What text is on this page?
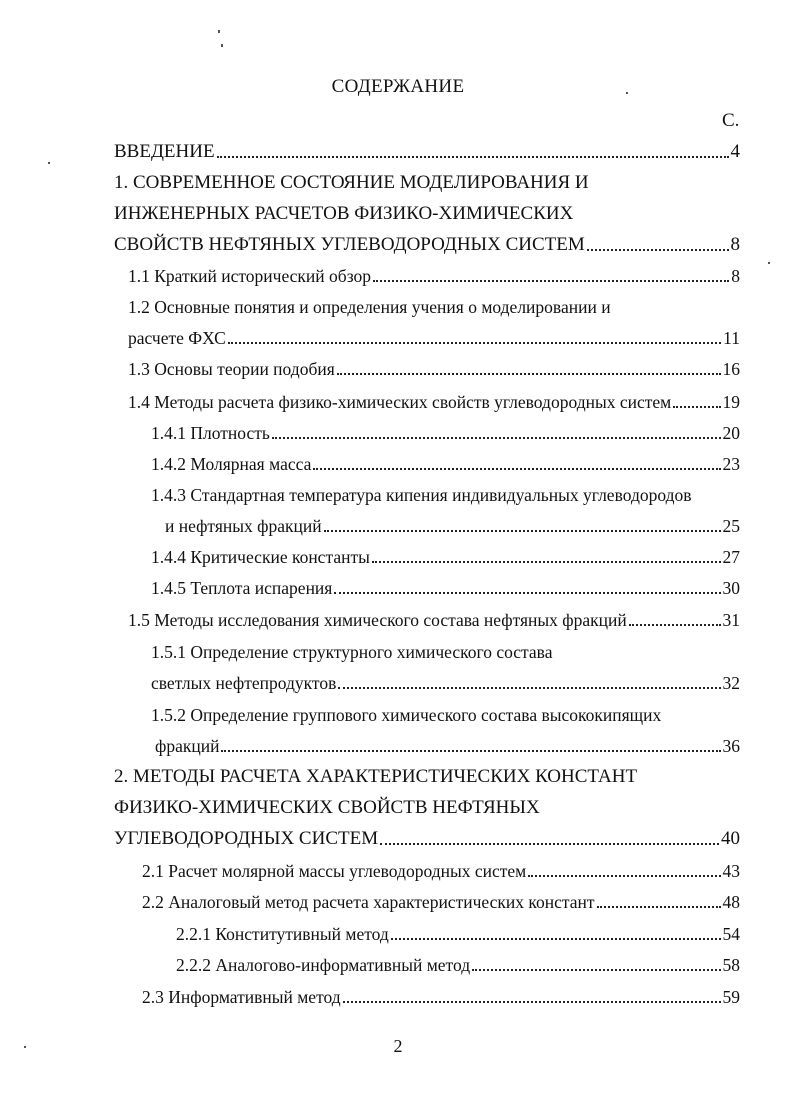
СОДЕРЖАНИЕ
С.
ВВЕДЕНИЕ	4
1. СОВРЕМЕННОЕ СОСТОЯНИЕ МОДЕЛИРОВАНИЯ И
ИНЖЕНЕРНЫХ РАСЧЕТОВ ФИЗИКО-ХИМИЧЕСКИХ
СВОЙСТВ НЕФТЯНЫХ УГЛЕВОДОРОДНЫХ СИСТЕМ	8
1.1 Краткий исторический обзор	8
1.2 Основные понятия и определения учения о моделировании и
расчете ФХС	11
1.3 Основы теории подобия	16
1.4 Методы расчета физико-химических свойств углеводородных систем	19
1.4.1 Плотность	20
1.4.2 Молярная масса	23
1.4.3 Стандартная температура кипения индивидуальных углеводородов
и нефтяных фракций	25
1.4.4 Критические константы	27
1.4.5 Теплота испарения	30
1.5 Методы исследования химического состава нефтяных фракций	31
1.5.1 Определение структурного химического состава
светлых нефтепродуктов	32
1.5.2 Определение группового химического состава высококипящих
фракций	36
2. МЕТОДЫ РАСЧЕТА ХАРАКТЕРИСТИЧЕСКИХ КОНСТАНТ
ФИЗИКО-ХИМИЧЕСКИХ СВОЙСТВ НЕФТЯНЫХ
УГЛЕВОДОРОДНЫХ СИСТЕМ	40
2.1 Расчет молярной массы углеводородных систем	43
2.2 Аналоговый метод расчета характеристических констант	48
2.2.1 Конститутивный метод	54
2.2.2 Аналогово-информативный метод	58
2.3 Информативный метод	59
2
